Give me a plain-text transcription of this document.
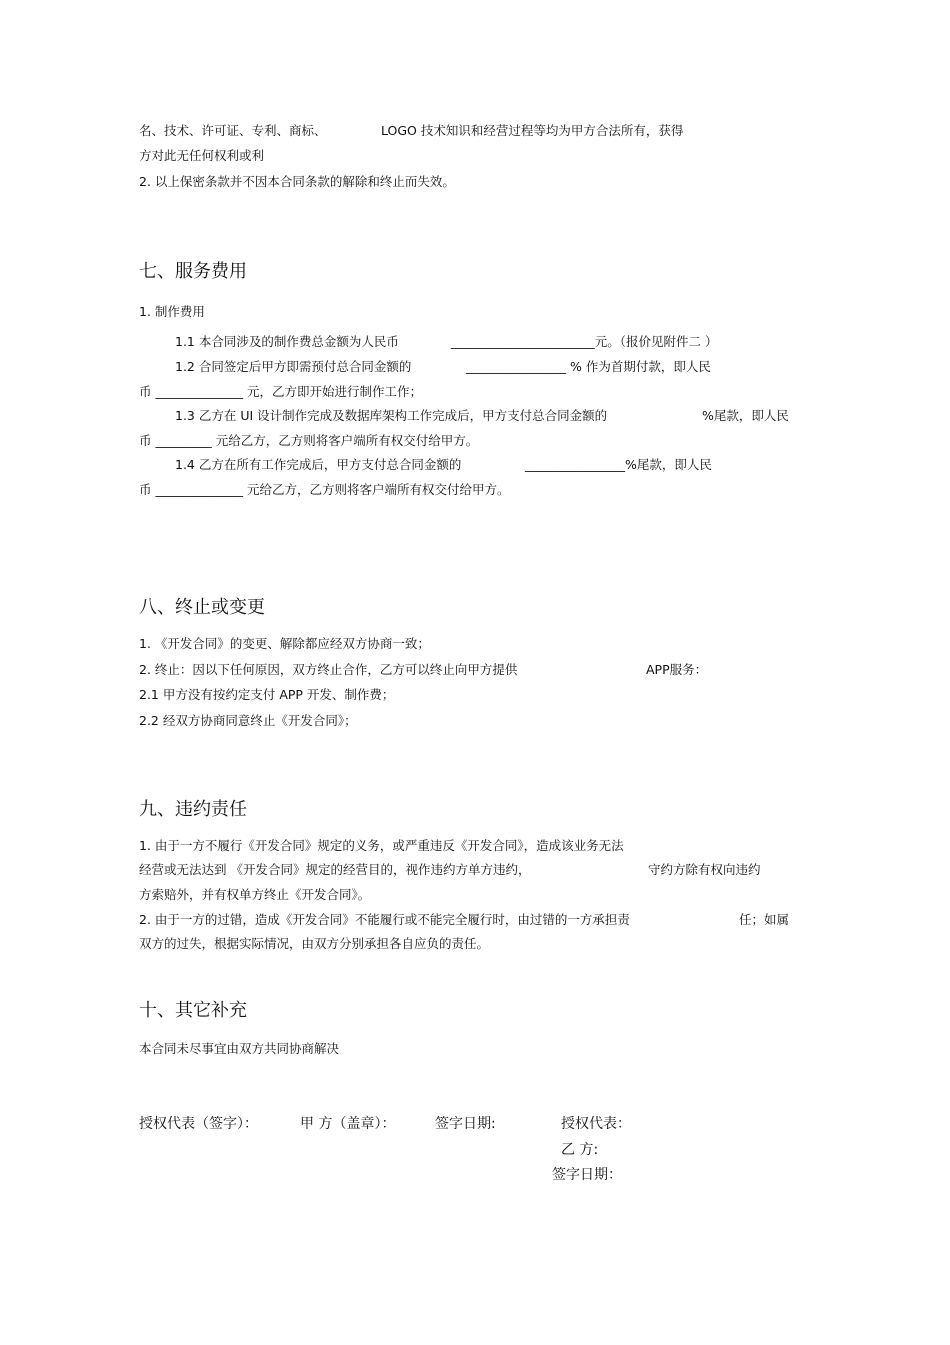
名、技术、许可证、专利、商标、	LOGO 技术知识和经营过程等均为甲方合法所有，获得
方对此无任何权利或利
2. 以上保密条款并不因本合同条款的解除和终止而失效。
七、服务费用
1. 制作费用
1.1 本合同涉及的制作费总金额为人民币	_______________________元。（报价见附件二 ）
1.2 合同签定后甲方即需预付总合同金额的	________________ % 作为首期付款，即人民
币 ______________ 元，乙方即开始进行制作工作；
1.3 乙方在 UI 设计制作完成及数据库架构工作完成后，甲方支付总合同金额的	%尾款，即人民
币 _________ 元给乙方，乙方则将客户端所有权交付给甲方。
1.4 乙方在所有工作完成后，甲方支付总合同金额的	________________%尾款，即人民
币 ______________ 元给乙方，乙方则将客户端所有权交付给甲方。
八、终止或变更
1. 《开发合同》的变更、解除都应经双方协商一致；
2. 终止：因以下任何原因，双方终止合作，乙方可以终止向甲方提供	APP服务：
2.1 甲方没有按约定支付 APP 开发、制作费；
2.2 经双方协商同意终止《开发合同》；
九、违约责任
1. 由于一方不履行《开发合同》规定的义务，或严重违反《开发合同》，造成该业务无法
经营或无法达到 《开发合同》规定的经营目的，视作违约方单方违约，	守约方除有权向违约
方索赔外，并有权单方终止《开发合同》。
2. 由于一方的过错，造成《开发合同》不能履行或不能完全履行时，由过错的一方承担责	任；如属
双方的过失，根据实际情况，由双方分别承担各自应负的责任。
十、其它补充
本合同未尽事宜由双方共同协商解决
授权代表（签字）：	甲 方（盖章）：	签字日期:	授权代表：
乙 方:
签字日期：
